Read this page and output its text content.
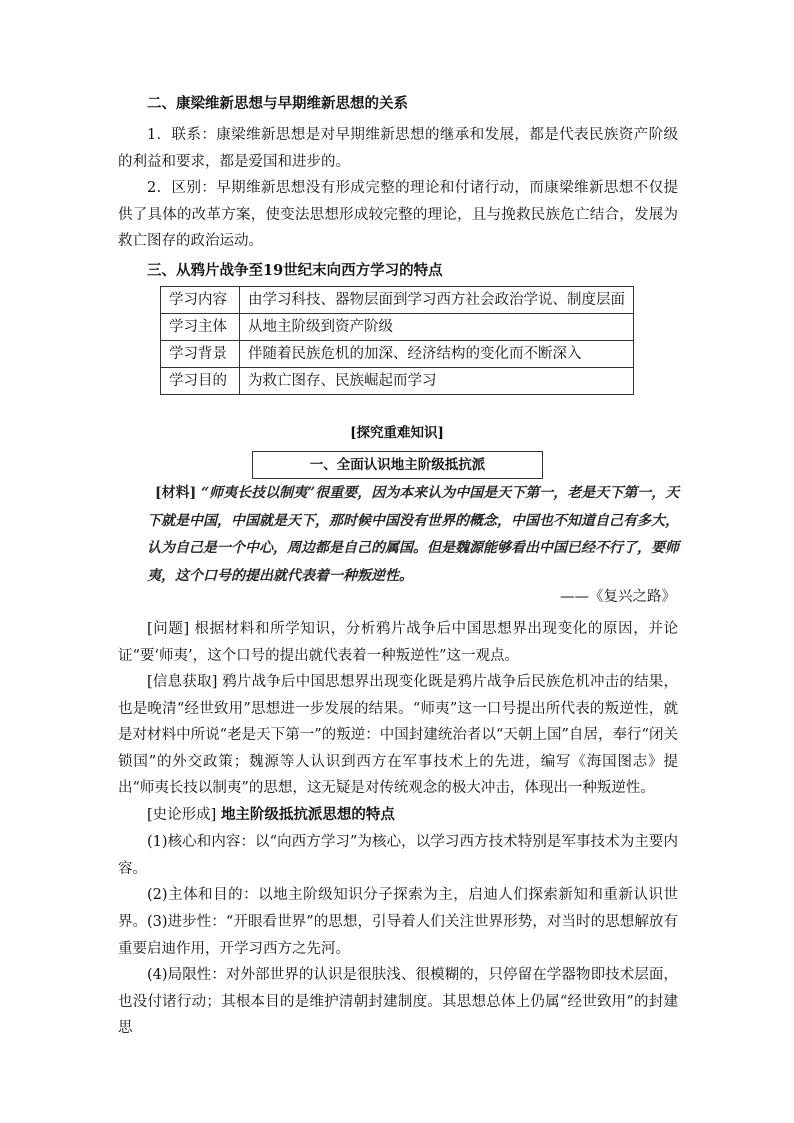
二、康梁维新思想与早期维新思想的关系

1．联系：康梁维新思想是对早期维新思想的继承和发展，都是代表民族资产阶级的利益和要求，都是爱国和进步的。

2．区别：早期维新思想没有形成完整的理论和付诸行动，而康梁维新思想不仅提供了具体的改革方案，使变法思想形成较完整的理论，且与挽救民族危亡结合，发展为救亡图存的政治运动。

三、从鸦片战争至19世纪末向西方学习的特点

学习内容	由学习科技、器物层面到学习西方社会政治学说、制度层面
学习主体	从地主阶级到资产阶级
学习背景	伴随着民族危机的加深、经济结构的变化而不断深入
学习目的	为救亡图存、民族崛起而学习
[探究重难知识]
一、全面认识地主阶级抵抗派
[材料] “师夷长技以制夷”很重要，因为本来认为中国是天下第一，老是天下第一，天下就是中国，中国就是天下，那时候中国没有世界的概念，中国也不知道自己有多大，认为自己是一个中心，周边都是自己的属国。但是魏源能够看出中国已经不行了，要师夷，这个口号的提出就代表着一种叛逆性。
——《复兴之路》

[问题] 根据材料和所学知识，分析鸦片战争后中国思想界出现变化的原因，并论证“要‘师夷’，这个口号的提出就代表着一种叛逆性”这一观点。

[信息获取] 鸦片战争后中国思想界出现变化既是鸦片战争后民族危机冲击的结果，也是晚清“经世致用”思想进一步发展的结果。“师夷”这一口号提出所代表的叛逆性，就是对材料中所说“老是天下第一”的叛逆：中国封建统治者以“天朝上国”自居，奉行“闭关锁国”的外交政策；魏源等人认识到西方在军事技术上的先进，编写《海国图志》提出“师夷长技以制夷”的思想，这无疑是对传统观念的极大冲击，体现出一种叛逆性。

[史论形成] 地主阶级抵抗派思想的特点

(1)核心和内容：以“向西方学习”为核心，以学习西方技术特别是军事技术为主要内容。

(2)主体和目的：以地主阶级知识分子探索为主，启迪人们探索新知和重新认识世界。 (3)进步性：“开眼看世界”的思想，引导着人们关注世界形势，对当时的思想解放有重要启迪作用，开学习西方之先河。

(4)局限性：对外部世界的认识是很肤浅、很模糊的，只停留在学器物即技术层面，也没付诸行动；其根本目的是维护清朝封建制度。其思想总体上仍属“经世致用”的封建思
